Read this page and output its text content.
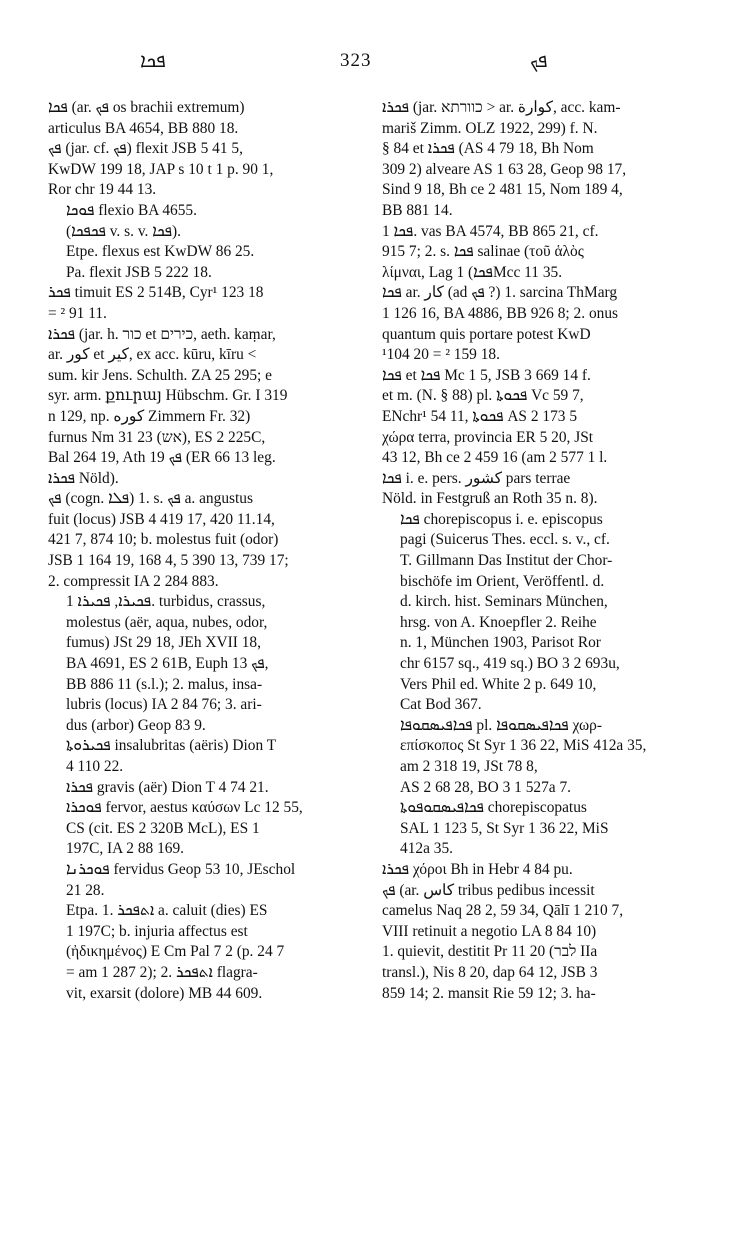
ܦܟܐ	323	ܦܟ
ܦܟܐ (ar. ܦܟ os brachii extremum)
articulus BA 4654, BB 880 18.
ܦܟ (jar. cf. ܦܟ) flexit JSB 5 41 5,
KwDW 199 18, JAP s 10 t 1 p. 90 1,
Ror chr 19 44 13.
ܦܘܟܐ flexio BA 4655.
(ܦܟܦܟܐ v. s. v. ܦܟܐ).
Etpe. flexus est KwDW 86 25.
Pa. flexit JSB 5 222 18.
ܦܟܪ timuit ES 2 514B, Cyr¹ 123 18
= ² 91 11.
ܦܟܪܐ (jar. h. כור et כירים, aeth. kaṃar,
ar. كور et كير, ex acc. kūru, kīru <
sum. kir Jens. Schulth. ZA 25 295; e
syr. arm. քուրայ Hübschm. Gr. I 319
n 129, np. كوره Zimmern Fr. 32)
furnus Nm 31 23 (אש), ES 2 225C,
Bal 264 19, Ath ܦܟ 19 (ER 66 13 leg.
ܦܟܪܐ Nöld).
ܦܟ (cogn. ܦܠܐ) 1. s. ܦܟ a. angustus
fuit (locus) JSB 4 419 17, 420 11.14,
421 7, 874 10; b. molestus fuit (odor)
JSB 1 164 19, 168 4, 5 390 13, 739 17;
2. compressit IA 2 284 883.
ܦܟܝܪܐ, ܦܟܝܪܐ 1. turbidus, crassus,
molestus (aër, aqua, nubes, odor,
fumus) JSt 29 18, JEh XVII 18,
BA 4691, ES 2 61B, Euph ܦܟ 13,
BB 886 11 (s.l.); 2. malus, insa-
lubris (locus) IA 2 84 76; 3. ari-
dus (arbor) Geop 83 9.
ܦܟܝܪܘܬܐ insalubritas (aëris) Dion T
4 110 22.
ܦܟܪܐ gravis (aër) Dion T 4 74 21.
ܦܘܟܪܐ fervor, aestus καύσων Lc 12 55,
CS (cit. ES 2 320B McL), ES 1
197C, IA 2 88 169.
ܦܘܟܪܢܐ fervidus Geop 53 10, JEschol
21 28.
Etpa. 1. ܐܬܦܟܪ a. caluit (dies) ES
1 197C; b. injuria affectus est
(ἠδικημένος) E Cm Pal 7 2 (p. 24 7
= am 1 287 2); 2. ܐܬܦܟܪ flagra-
vit, exarsit (dolore) MB 44 609.
ܦܟܪܐ (jar. כוורתא > ar. كوارة, acc. kam-
mariš Zimm. OLZ 1922, 299) f. N.
§ 84 et ܦܟܪܐ (AS 4 79 18, Bh Nom
309 2) alveare AS 1 63 28, Geop 98 17,
Sind 9 18, Bh ce 2 481 15, Nom 189 4,
BB 881 14.
ܦܟܐ 1. vas BA 4574, BB 865 21, cf.
915 7; 2. s. ܦܟܐ salinae (τοῦ ἁλὸς
λίμναι, Lag ܦܟܐ) 1Mcc 11 35.
ܦܟܐ ar. كار (ad ܦܟ ?) 1. sarcina ThMarg
1 126 16, BA 4886, BB 926 8; 2. onus
quantum quis portare potest KwD
¹104 20 = ² 159 18.
ܦܟܐ et ܦܟܐ Mc 1 5, JSB 3 669 14 f.
et m. (N. § 88) pl. ܦܟܘܬܐ Vc 59 7,
ENchr¹ 54 11, ܦܟܘܬܐ AS 2 173 5
χώρα terra, provincia ER 5 20, JSt
43 12, Bh ce 2 459 16 (am 2 577 1 l.
ܦܟܐ i. e. pers. كشور pars terrae
Nöld. in Festgruß an Roth 35 n. 8).
ܦܟܐ chorepiscopus i. e. episcopus
pagi (Suicerus Thes. eccl. s. v., cf.
T. Gillmann Das Institut der Chor-
bischöfe im Orient, Veröffentl. d.
d. kirch. hist. Seminars München,
hrsg. von A. Knoepfler 2. Reihe
n. 1, München 1903, Parisot Ror
chr 6157 sq., 419 sq.) BO 3 2 693u,
Vers Phil ed. White 2 p. 649 10,
Cat Bod 367.
ܦܟܐܦܝܣܩܘܦܐ pl. ܦܟܐܦܝܣܩܘܦܐ χωρ-
επίσκοπος St Syr 1 36 22, MiS 412a 35,
am 2 318 19, JSt 78 8,
AS 2 68 28, BO 3 1 527a 7.
ܦܟܐܦܝܣܩܘܦܘܬܐ chorepiscopatus
SAL 1 123 5, St Syr 1 36 22, MiS
412a 35.
ܦܟܪܐ χόροι Bh in Hebr 4 84 pu.
ܦܟ (ar. كاس tribus pedibus incessit
camelus Naq 28 2, 59 34, Qālī 1 210 7,
VIII retinuit a negotio LA 8 84 10)
1. quievit, destitit Pr 11 20 (לבר IIa
transl.), Nis 8 20, dap 64 12, JSB 3
859 14; 2. mansit Rie 59 12; 3. ha-
